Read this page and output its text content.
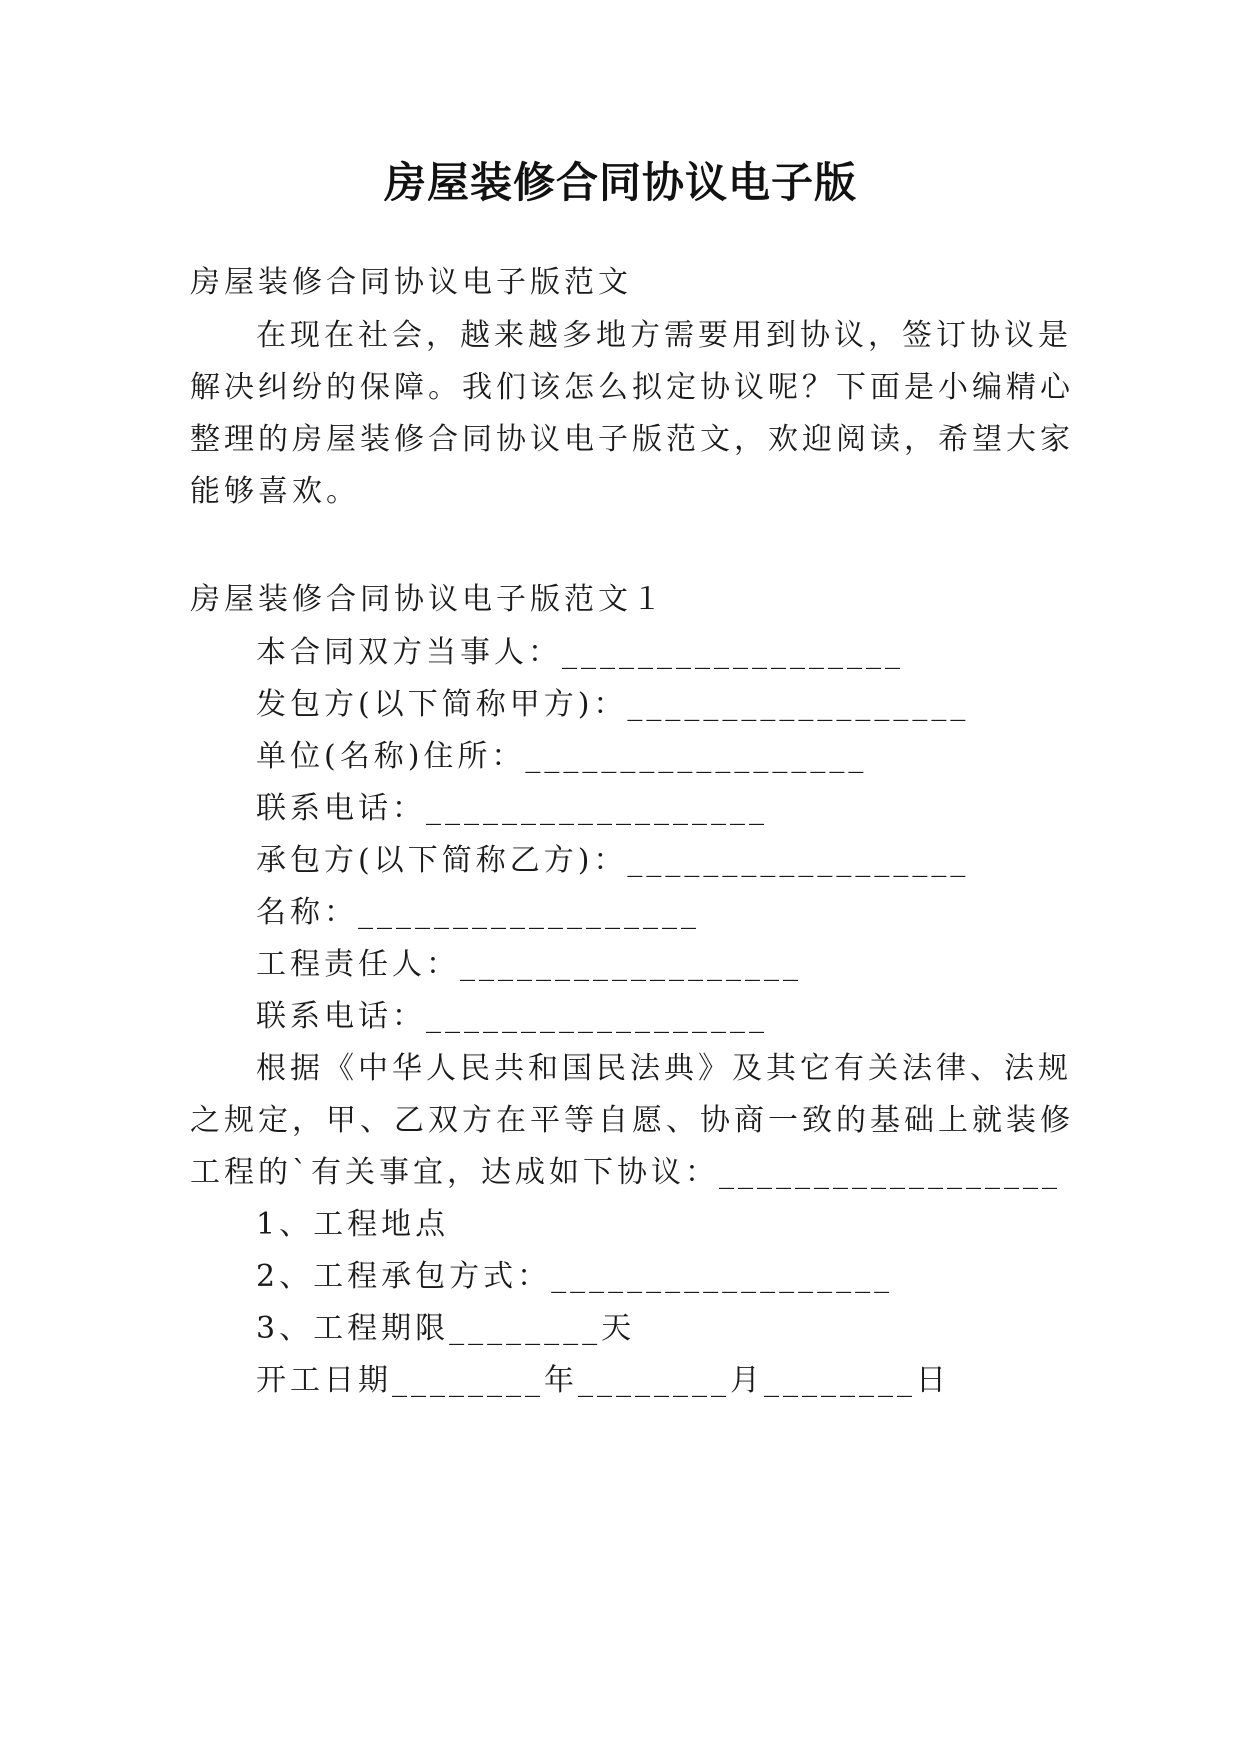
房屋装修合同协议电子版

房屋装修合同协议电子版范文

在现在社会，越来越多地方需要用到协议，签订协议是

解决纠纷的保障。我们该怎么拟定协议呢？下面是小编精心

整理的房屋装修合同协议电子版范文，欢迎阅读，希望大家

能够喜欢。

房屋装修合同协议电子版范文１

本合同双方当事人：__________________

发包方(以下简称甲方)：__________________

单位(名称)住所：__________________

联系电话：__________________

承包方(以下简称乙方)：__________________

名称：__________________

工程责任人：__________________

联系电话：__________________

根据《中华人民共和国民法典》及其它有关法律、法规

之规定，甲、乙双方在平等自愿、协商一致的基础上就装修

工程的`有关事宜，达成如下协议：__________________

1、工程地点

2、工程承包方式：__________________

3、工程期限________天

开工日期________年________月________日
